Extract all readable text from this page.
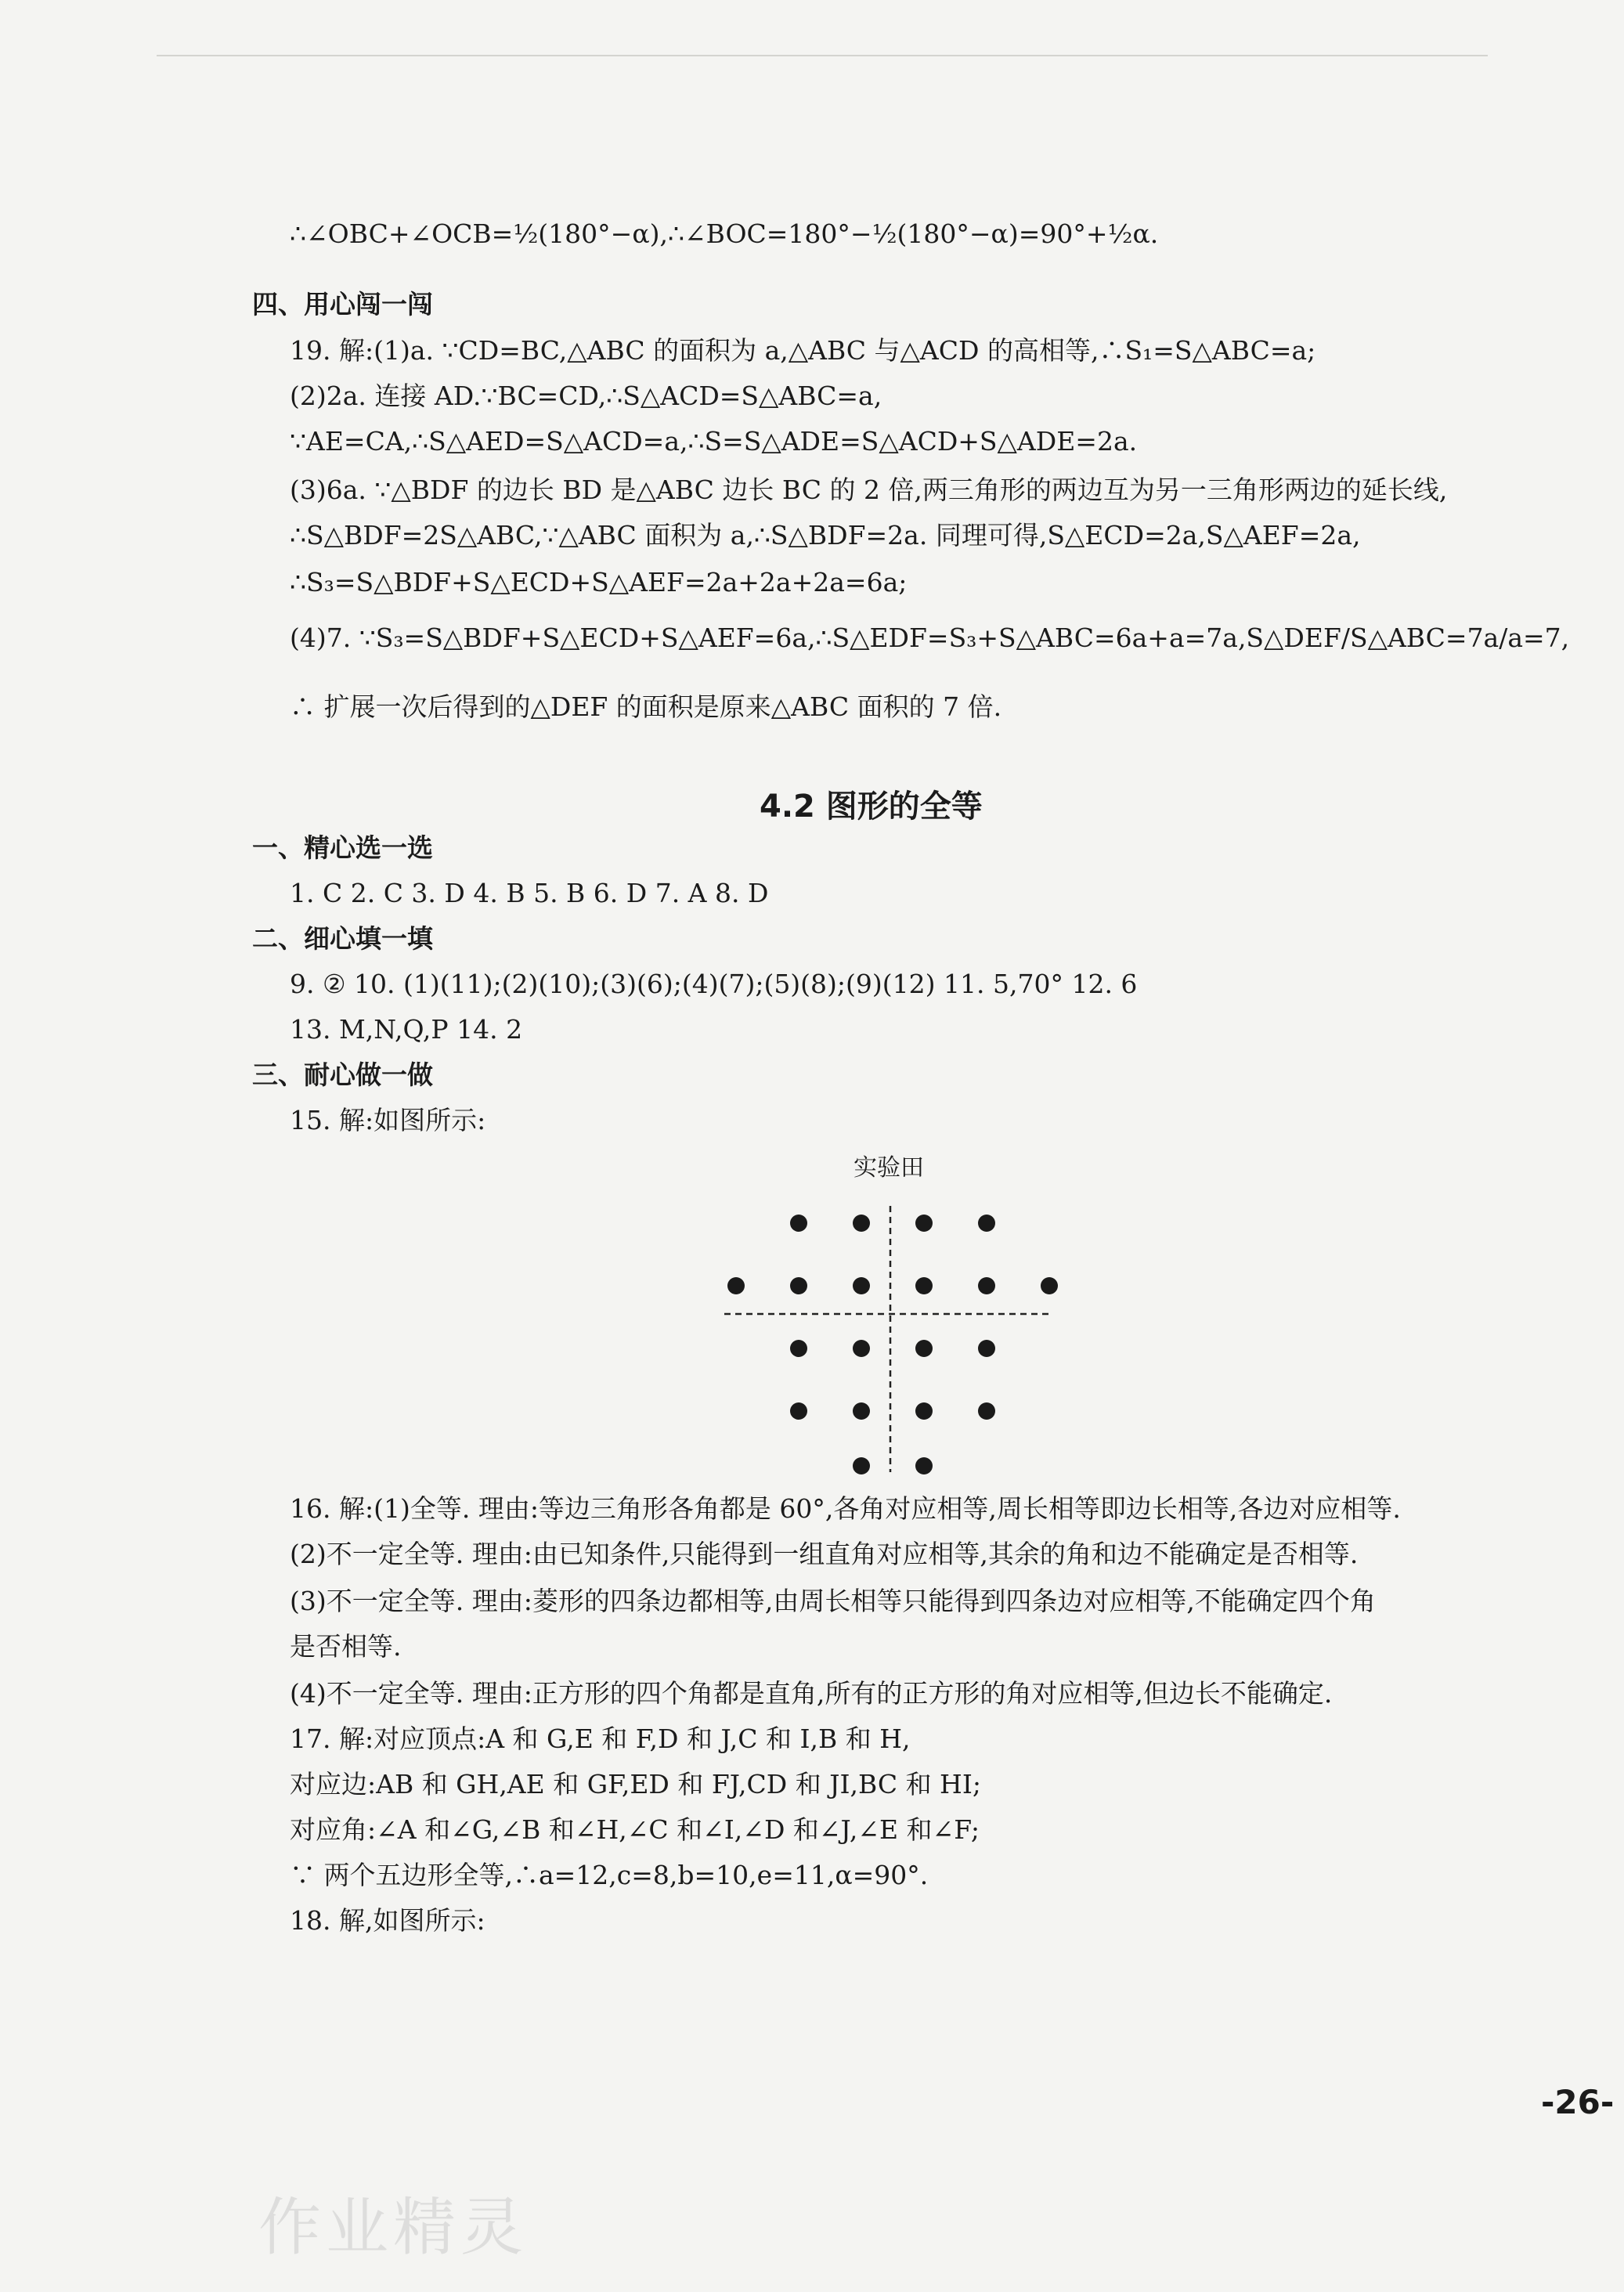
∴∠OBC+∠OCB=½(180°−α),∴∠BOC=180°−½(180°−α)=90°+½α.
四、用心闯一闯
19. 解:(1)a. ∵CD=BC,△ABC 的面积为 a,△ABC 与△ACD 的高相等,∴S₁=S△ABC=a;
(2)2a. 连接 AD.∵BC=CD,∴S△ACD=S△ABC=a,
∵AE=CA,∴S△AED=S△ACD=a,∴S=S△ADE=S△ACD+S△ADE=2a.
(3)6a. ∵△BDF 的边长 BD 是△ABC 边长 BC 的 2 倍,两三角形的两边互为另一三角形两边的延长线,
∴S△BDF=2S△ABC,∵△ABC 面积为 a,∴S△BDF=2a. 同理可得,S△ECD=2a,S△AEF=2a,
∴S₃=S△BDF+S△ECD+S△AEF=2a+2a+2a=6a;
(4)7. ∵S₃=S△BDF+S△ECD+S△AEF=6a,∴S△EDF=S₃+S△ABC=6a+a=7a,S△DEF/S△ABC=7a/a=7,
∴ 扩展一次后得到的△DEF 的面积是原来△ABC 面积的 7 倍.
4.2 图形的全等
一、精心选一选
1. C 2. C 3. D 4. B 5. B 6. D 7. A 8. D
二、细心填一填
9. ② 10. (1)(11);(2)(10);(3)(6);(4)(7);(5)(8);(9)(12) 11. 5,70° 12. 6
13. M,N,Q,P 14. 2
三、耐心做一做
15. 解:如图所示:
实验田
16. 解:(1)全等. 理由:等边三角形各角都是 60°,各角对应相等,周长相等即边长相等,各边对应相等.
(2)不一定全等. 理由:由已知条件,只能得到一组直角对应相等,其余的角和边不能确定是否相等.
(3)不一定全等. 理由:菱形的四条边都相等,由周长相等只能得到四条边对应相等,不能确定四个角
是否相等.
(4)不一定全等. 理由:正方形的四个角都是直角,所有的正方形的角对应相等,但边长不能确定.
17. 解:对应顶点:A 和 G,E 和 F,D 和 J,C 和 I,B 和 H,
对应边:AB 和 GH,AE 和 GF,ED 和 FJ,CD 和 JI,BC 和 HI;
对应角:∠A 和∠G,∠B 和∠H,∠C 和∠I,∠D 和∠J,∠E 和∠F;
∵ 两个五边形全等,∴a=12,c=8,b=10,e=11,α=90°.
18. 解,如图所示:
-26-
作业精灵
